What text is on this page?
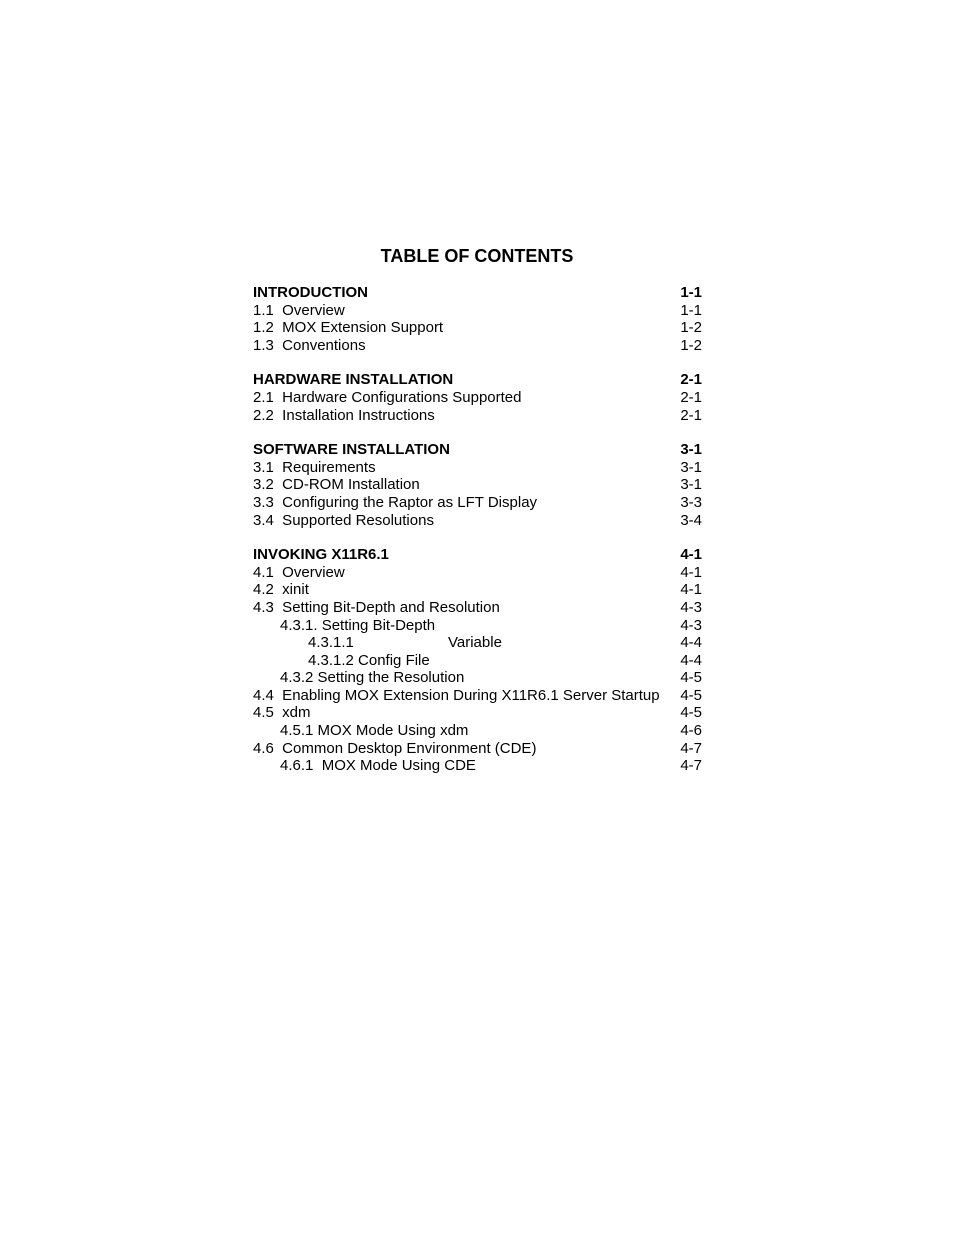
TABLE OF CONTENTS
INTRODUCTION	1-1
1.1  Overview	1-1
1.2  MOX Extension Support	1-2
1.3  Conventions	1-2
HARDWARE INSTALLATION	2-1
2.1  Hardware Configurations Supported	2-1
2.2  Installation Instructions	2-1
SOFTWARE INSTALLATION	3-1
3.1  Requirements	3-1
3.2  CD-ROM Installation	3-1
3.3  Configuring the Raptor as LFT Display	3-3
3.4  Supported Resolutions	3-4
INVOKING X11R6.1	4-1
4.1  Overview	4-1
4.2  xinit	4-1
4.3  Setting Bit-Depth and Resolution	4-3
4.3.1. Setting Bit-Depth	4-3
4.3.1.1	Variable	4-4
4.3.1.2 Config File	4-4
4.3.2 Setting the Resolution	4-5
4.4  Enabling MOX Extension During X11R6.1 Server Startup 4-5
4.5  xdm	4-5
4.5.1 MOX Mode Using xdm	4-6
4.6  Common Desktop Environment (CDE)	4-7
4.6.1  MOX Mode Using CDE	4-7
